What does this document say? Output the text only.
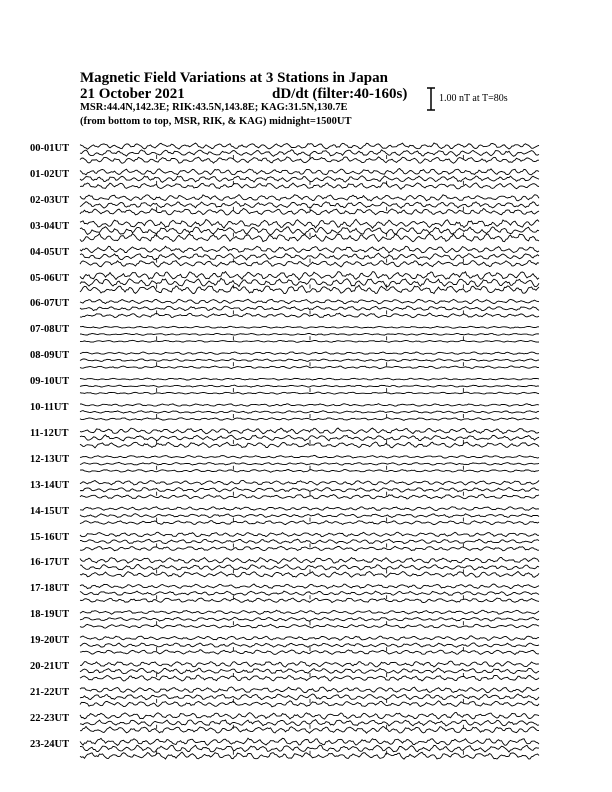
Magnetic Field Variations at 3 Stations in Japan
21 October 2021	dD/dt (filter:40-160s)
MSR:44.4N,142.3E; RIK:43.5N,143.8E; KAG:31.5N,130.7E
(from bottom to top, MSR, RIK, & KAG) midnight=1500UT
1.00 nT at T=80s
00-01UT
01-02UT
02-03UT
03-04UT
04-05UT
05-06UT
06-07UT
07-08UT
08-09UT
09-10UT
10-11UT
11-12UT
12-13UT
13-14UT
14-15UT
15-16UT
16-17UT
17-18UT
18-19UT
19-20UT
20-21UT
21-22UT
22-23UT
23-24UT
